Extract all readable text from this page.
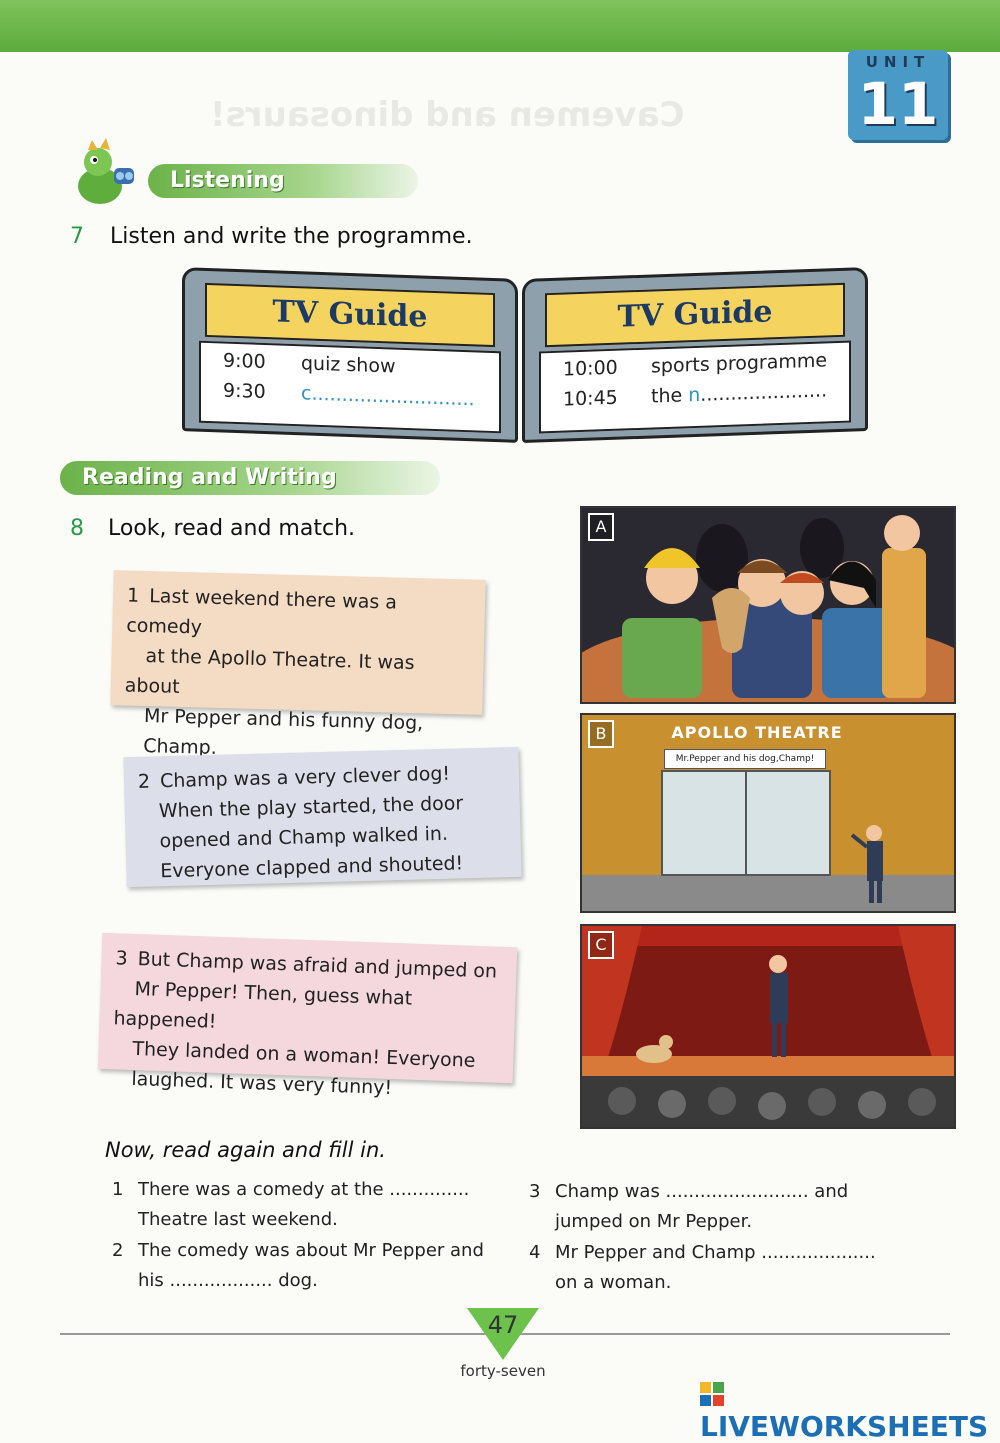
Cavemen and dinosaurs!
UNIT
11
Listening
7 Listen and write the programme.
TV Guide
9:00 quiz show
9:30 c...........................
TV Guide
10:00 sports programme
10:45 the n.....................
Reading and Writing
8 Look, read and match.
1 Last weekend there was a comedy
at the Apollo Theatre. It was about
Mr Pepper and his funny dog,
Champ.
2 Champ was a very clever dog!
When the play started, the door
opened and Champ walked in.
Everyone clapped and shouted!
3 But Champ was afraid and jumped on
Mr Pepper! Then, guess what happened!
They landed on a woman! Everyone
laughed. It was very funny!
A
B	APOLLO THEATRE
Mr.Pepper and his dog,Champ!
C
Now, read again and fill in.
1 There was a comedy at the ..............
Theatre last weekend.
2 The comedy was about Mr Pepper and
his .................. dog.
3 Champ was ......................... and
jumped on Mr Pepper.
4 Mr Pepper and Champ ....................
on a woman.
47
forty-seven
LIVEWORKSHEETS
